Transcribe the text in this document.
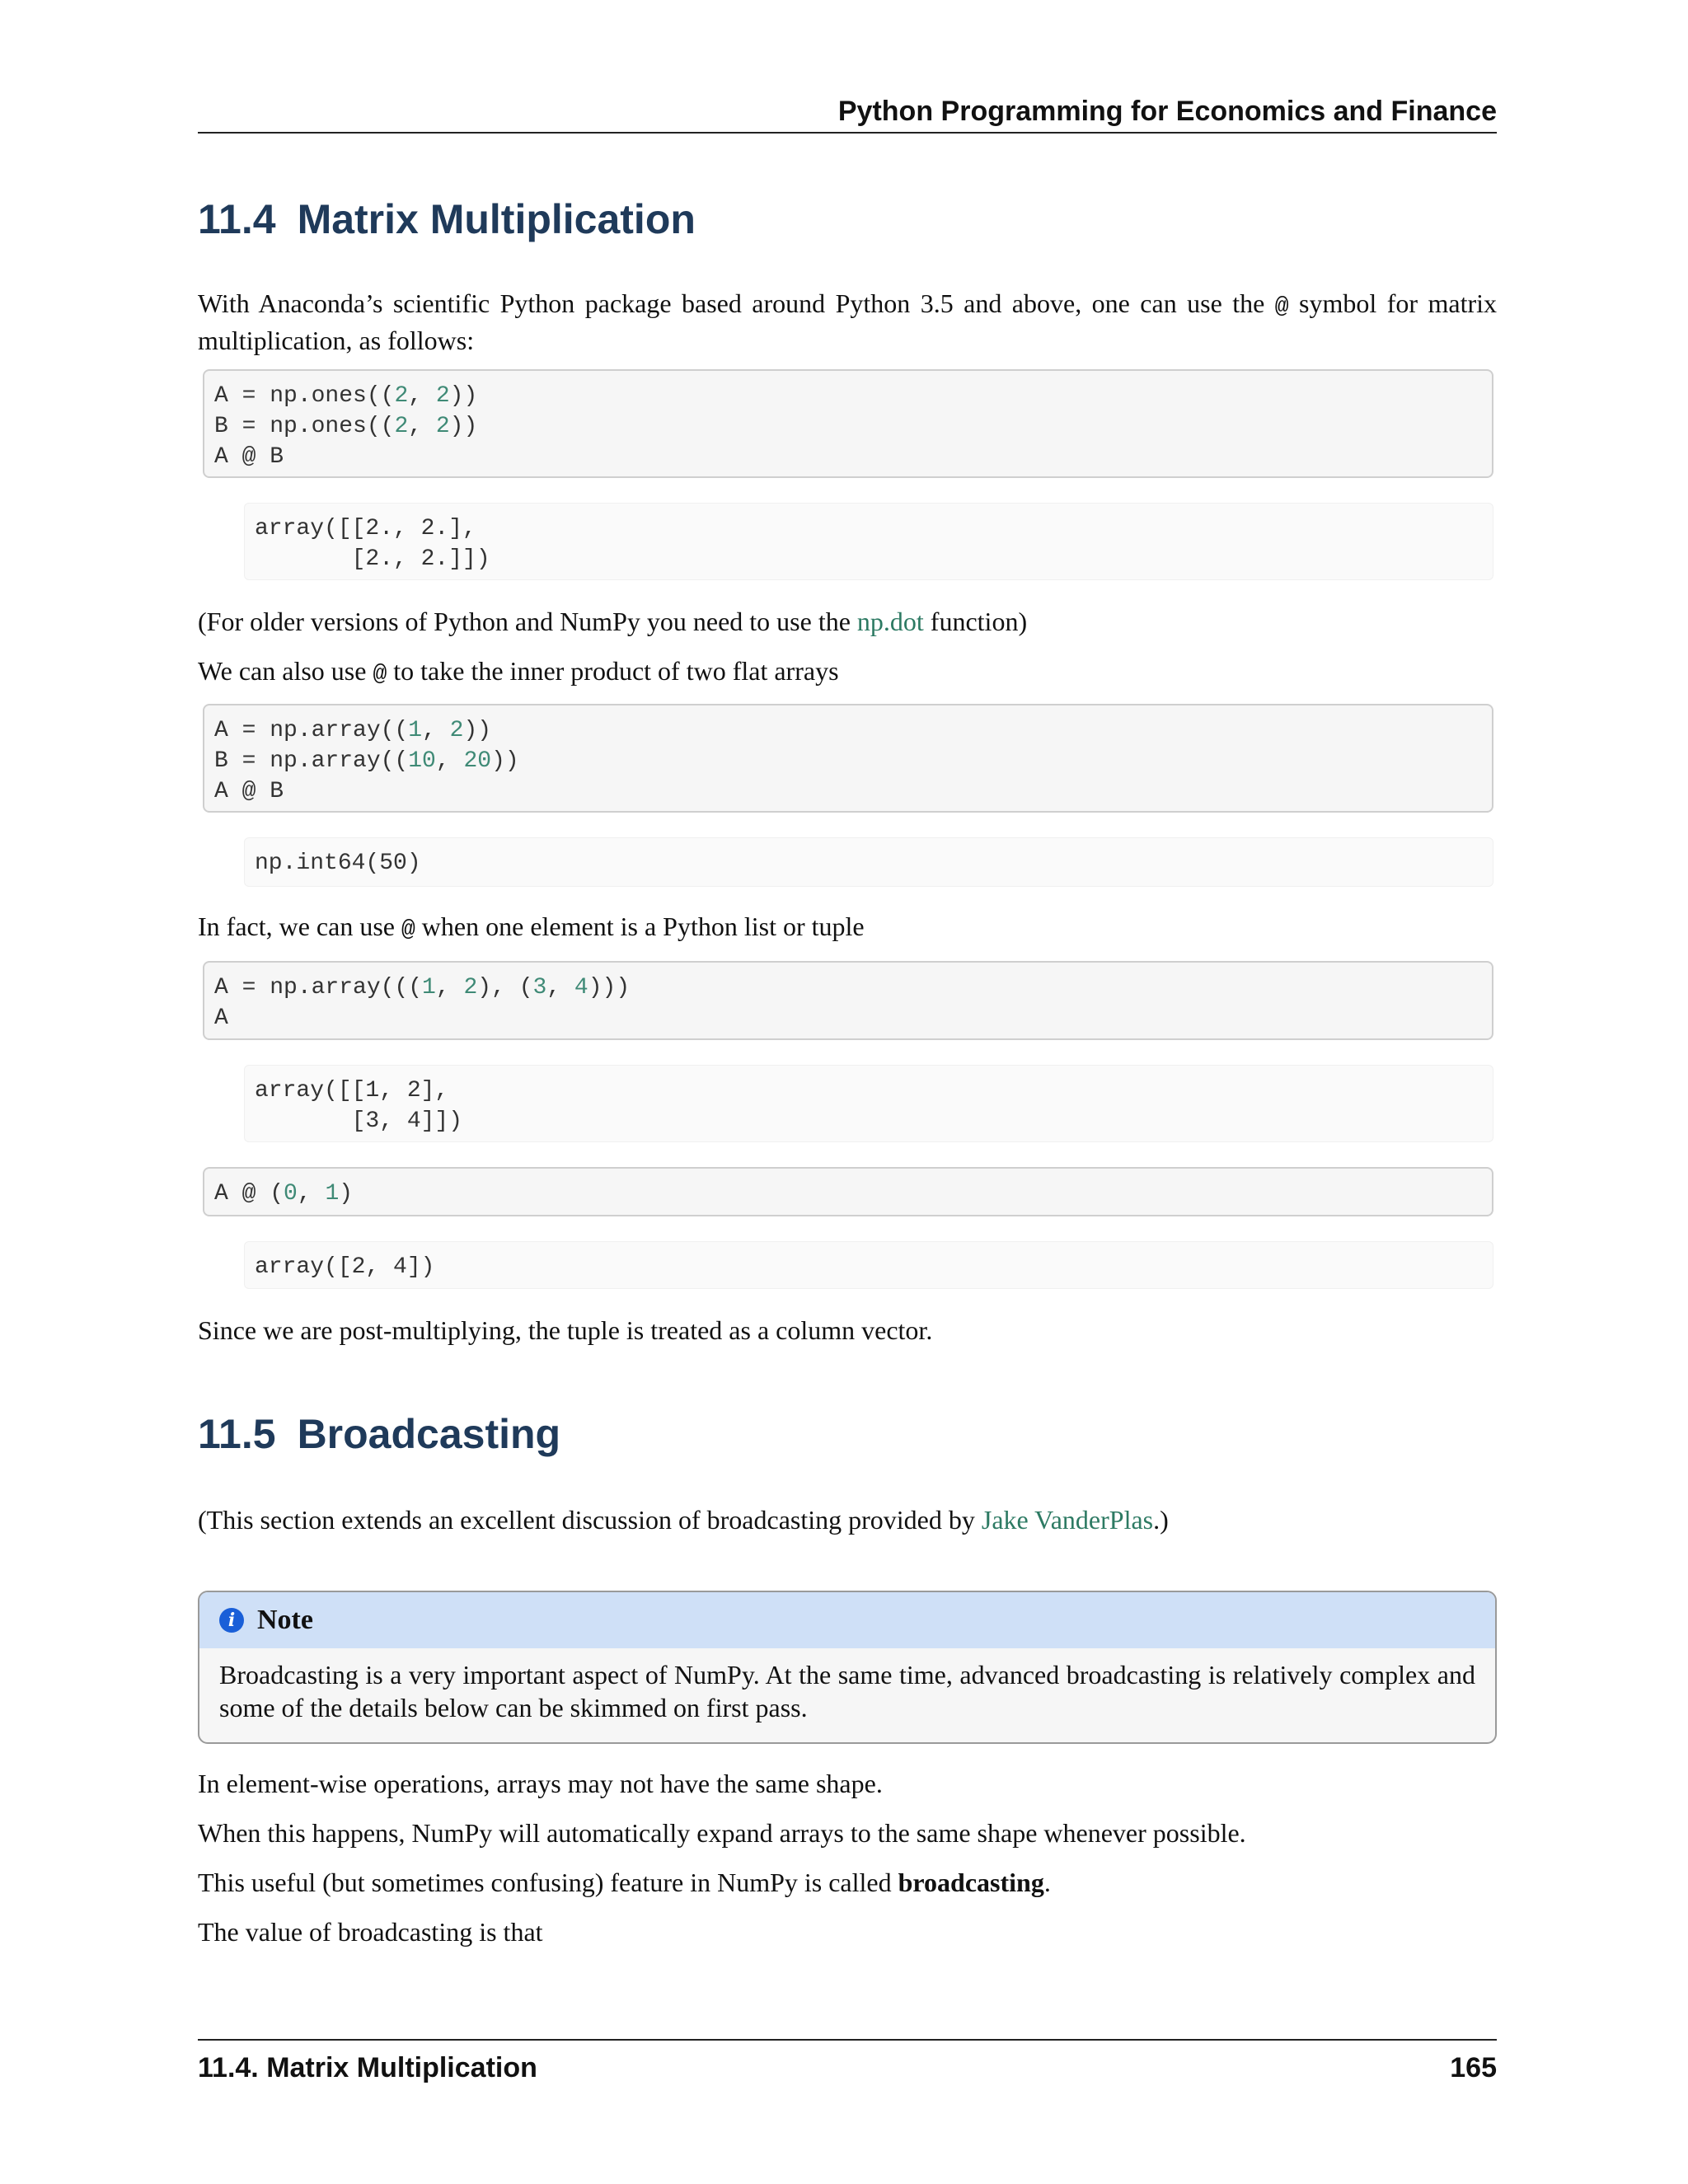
Python Programming for Economics and Finance
11.4 Matrix Multiplication

With Anaconda’s scientific Python package based around Python 3.5 and above, one can use the @ symbol for matrix multiplication, as follows:

A = np.ones((2, 2))
B = np.ones((2, 2))
A @ B
array([[2., 2.],
[2., 2.]])

(For older versions of Python and NumPy you need to use the np.dot function)

We can also use @ to take the inner product of two flat arrays

A = np.array((1, 2))
B = np.array((10, 20))
A @ B
np.int64(50)

In fact, we can use @ when one element is a Python list or tuple

A = np.array(((1, 2), (3, 4)))
A
array([[1, 2],
[3, 4]])
A @ (0, 1)
array([2, 4])

Since we are post-multiplying, the tuple is treated as a column vector.

11.5 Broadcasting

(This section extends an excellent discussion of broadcasting provided by Jake VanderPlas.)

i Note
Broadcasting is a very important aspect of NumPy. At the same time, advanced broadcasting is relatively complex and some of the details below can be skimmed on first pass.

In element-wise operations, arrays may not have the same shape.

When this happens, NumPy will automatically expand arrays to the same shape whenever possible.

This useful (but sometimes confusing) feature in NumPy is called broadcasting.

The value of broadcasting is that

11.4. Matrix Multiplication	165
